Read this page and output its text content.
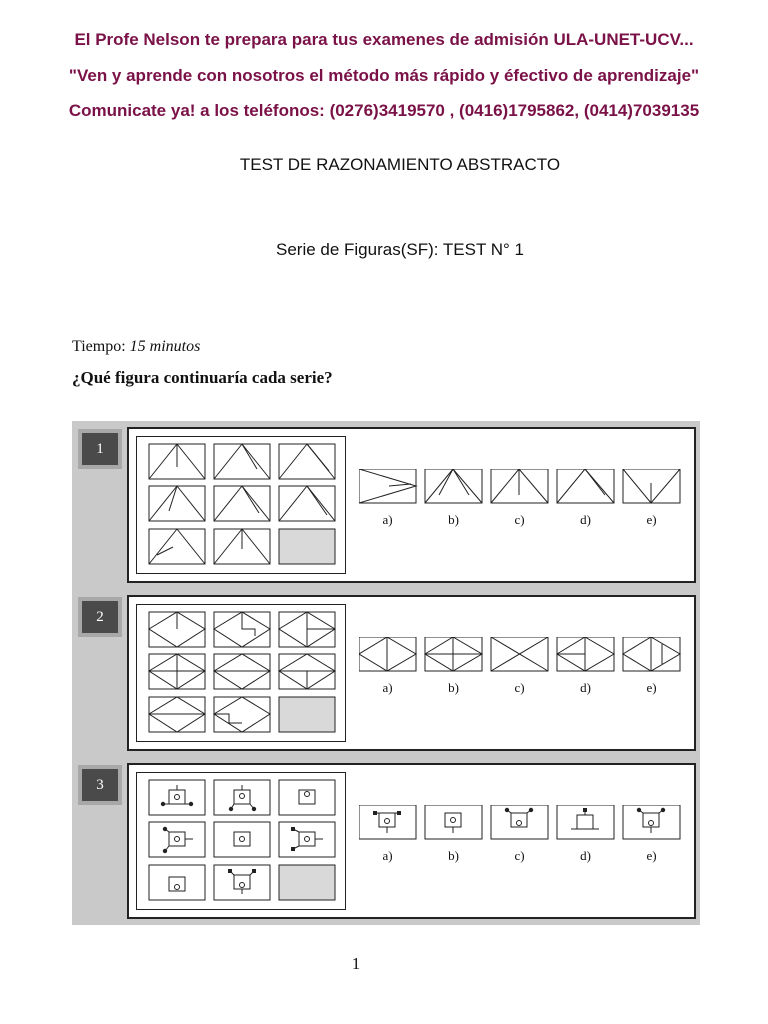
El Profe Nelson te prepara para tus examenes de admisión ULA-UNET-UCV...
"Ven y aprende con nosotros el método más rápido y éfectivo de aprendizaje"
Comunicate ya! a los teléfonos: (0276)3419570 , (0416)1795862, (0414)7039135
TEST DE RAZONAMIENTO ABSTRACTO
Serie de Figuras(SF): TEST N° 1
Tiempo: 15 minutos
¿Qué figura continuaría cada serie?
1
a)	b)	c)	d)	e)
2
a)	b)	c)	d)	e)
3
a)	b)	c)	d)	e)
1
